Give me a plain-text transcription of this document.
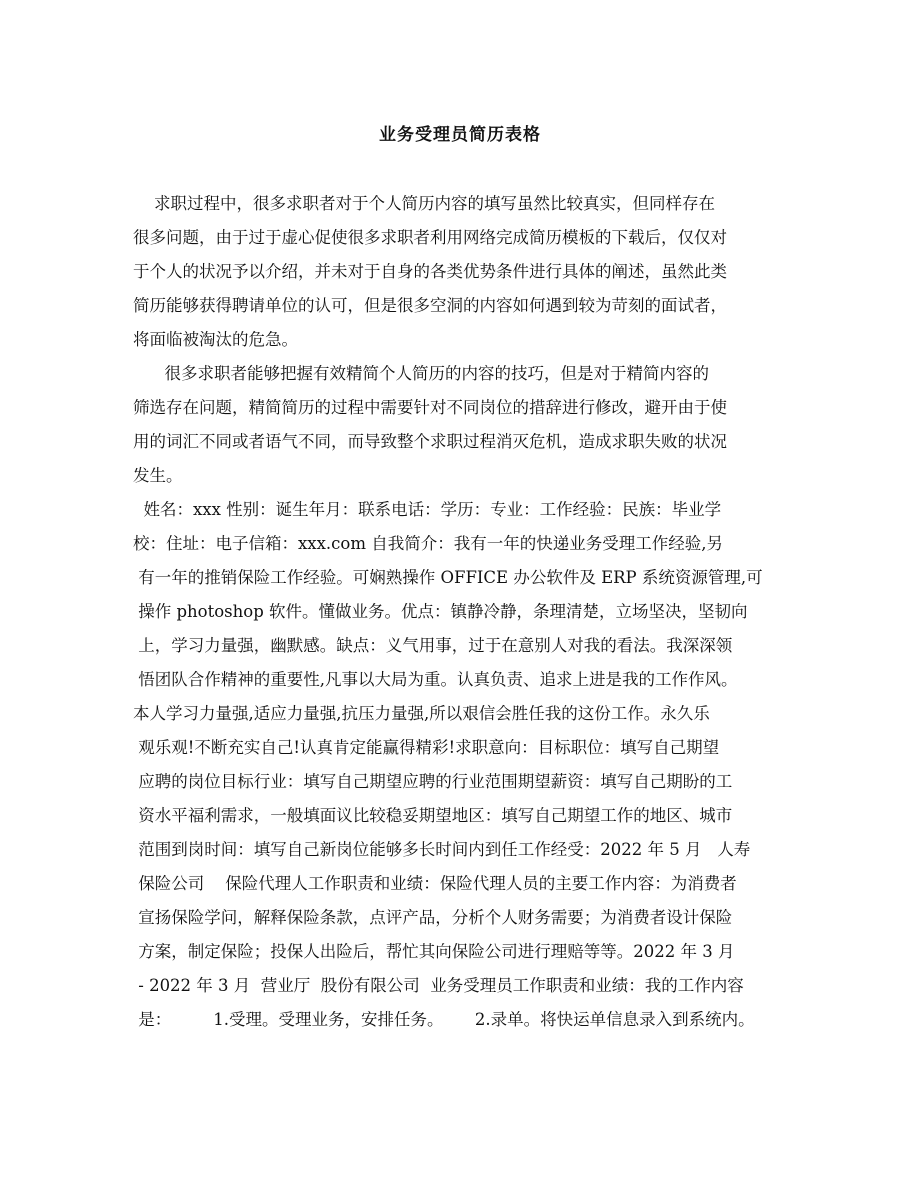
业务受理员简历表格
求职过程中，很多求职者对于个人简历内容的填写虽然比较真实，但同样存在
很多问题，由于过于虚心促使很多求职者利用网络完成简历模板的下载后，仅仅对
于个人的状况予以介绍，并未对于自身的各类优势条件进行具体的阐述，虽然此类
简历能够获得聘请单位的认可，但是很多空洞的内容如何遇到较为苛刻的面试者，
将面临被淘汰的危急。
很多求职者能够把握有效精简个人简历的内容的技巧，但是对于精简内容的
筛选存在问题，精简简历的过程中需要针对不同岗位的措辞进行修改，避开由于使
用的词汇不同或者语气不同，而导致整个求职过程消灭危机，造成求职失败的状况
发生。
姓名：xxx 性别：诞生年月：联系电话：学历：专业：工作经验：民族：毕业学
校：住址：电子信箱：xxx.com 自我简介：我有一年的快递业务受理工作经验,另
有一年的推销保险工作经验。可娴熟操作 OFFICE 办公软件及 ERP 系统资源管理,可
操作 photoshop 软件。懂做业务。优点：镇静冷静，条理清楚，立场坚决，坚韧向
上，学习力量强，幽默感。缺点：义气用事，过于在意别人对我的看法。我深深领
悟团队合作精神的重要性,凡事以大局为重。认真负责、追求上进是我的工作作风。
本人学习力量强,适应力量强,抗压力量强,所以艰信会胜任我的这份工作。永久乐
观乐观!不断充实自己!认真肯定能赢得精彩!求职意向：目标职位：填写自己期望
应聘的岗位目标行业：填写自己期望应聘的行业范围期望薪资：填写自己期盼的工
资水平福利需求，一般填面议比较稳妥期望地区：填写自己期望工作的地区、城市
范围到岗时间：填写自己新岗位能够多长时间内到任工作经受：2022 年 5 月   人寿
保险公司    保险代理人工作职责和业绩：保险代理人员的主要工作内容：为消费者
宣扬保险学问，解释保险条款，点评产品，分析个人财务需要；为消费者设计保险
方案，制定保险；投保人出险后，帮忙其向保险公司进行理赔等等。2022 年 3 月
- 2022 年 3 月  营业厅  股份有限公司  业务受理员工作职责和业绩：我的工作内容
是：        1.受理。受理业务，安排任务。      2.录单。将快运单信息录入到系统内。
